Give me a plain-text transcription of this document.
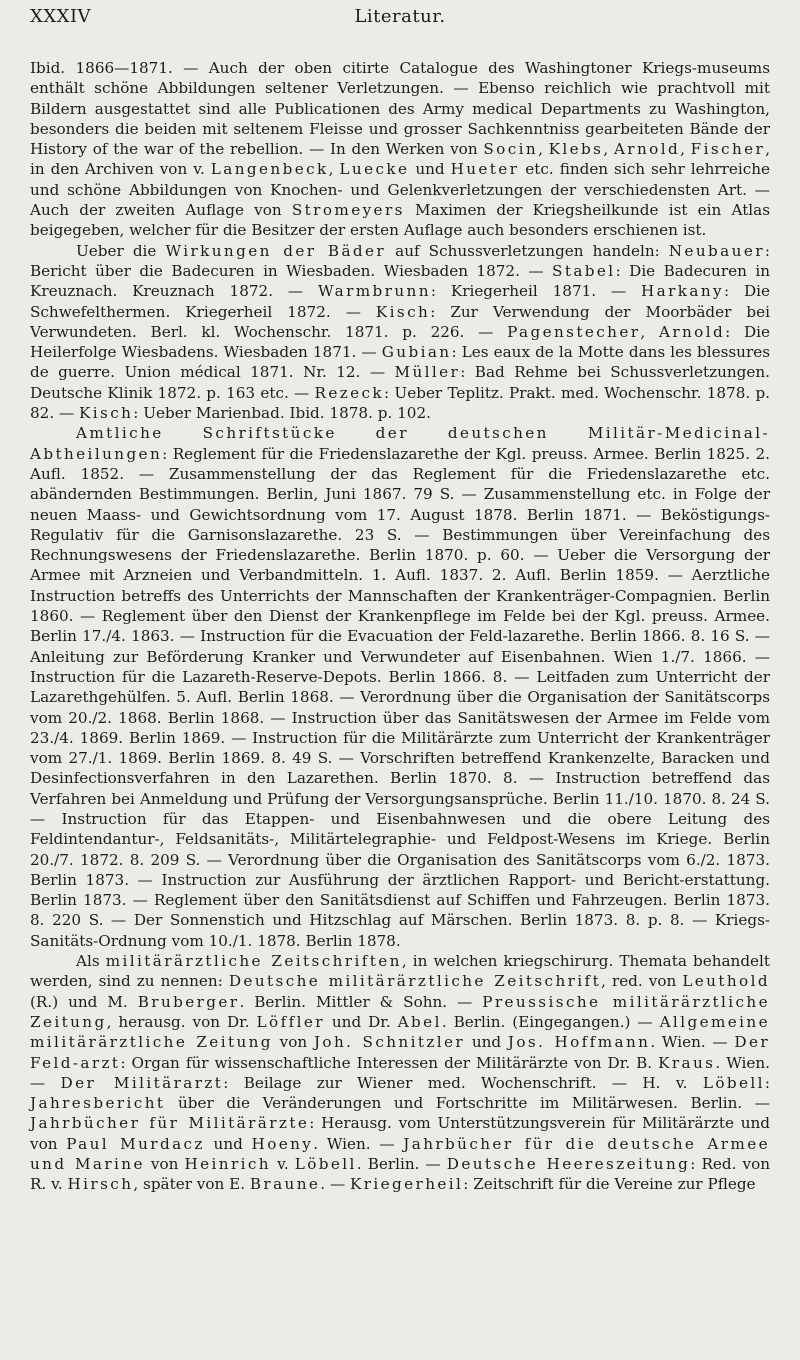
XXXIV	Literatur.

Ibid. 1866—1871. — Auch der oben citirte Catalogue des Washingtoner Kriegs-museums enthält schöne Abbildungen seltener Verletzungen. — Ebenso reichlich wie prachtvoll mit Bildern ausgestattet sind alle Publicationen des Army medical Departments zu Washington, besonders die beiden mit seltenem Fleisse und grosser Sachkenntniss gearbeiteten Bände der History of the war of the rebellion. — In den Werken von Socin, Klebs, Arnold, Fischer, in den Archiven von v. Langenbeck, Luecke und Hueter etc. finden sich sehr lehrreiche und schöne Abbildungen von Knochen- und Gelenkverletzungen der verschiedensten Art. — Auch der zweiten Auflage von Stromeyers Maximen der Kriegsheilkunde ist ein Atlas beigegeben, welcher für die Besitzer der ersten Auflage auch besonders erschienen ist.

Ueber die Wirkungen der Bäder auf Schussverletzungen handeln: Neubauer: Bericht über die Badecuren in Wiesbaden. Wiesbaden 1872. — Stabel: Die Badecuren in Kreuznach. Kreuznach 1872. — Warmbrunn: Kriegerheil 1871. — Harkany: Die Schwefelthermen. Kriegerheil 1872. — Kisch: Zur Verwendung der Moorbäder bei Verwundeten. Berl. kl. Wochenschr. 1871. p. 226. — Pagenstecher, Arnold: Die Heilerfolge Wiesbadens. Wiesbaden 1871. — Gubian: Les eaux de la Motte dans les blessures de guerre. Union médical 1871. Nr. 12. — Müller: Bad Rehme bei Schussverletzungen. Deutsche Klinik 1872. p. 163 etc. — Rezeck: Ueber Teplitz. Prakt. med. Wochenschr. 1878. p. 82. — Kisch: Ueber Marienbad. Ibid. 1878. p. 102.

Amtliche Schriftstücke der deutschen Militär-Medicinal-Abtheilungen: Reglement für die Friedenslazarethe der Kgl. preuss. Armee. Berlin 1825. 2. Aufl. 1852. — Zusammenstellung der das Reglement für die Friedenslazarethe etc. abändernden Bestimmungen. Berlin, Juni 1867. 79 S. — Zusammenstellung etc. in Folge der neuen Maass- und Gewichtsordnung vom 17. August 1878. Berlin 1871. — Beköstigungs-Regulativ für die Garnisonslazarethe. 23 S. — Bestimmungen über Vereinfachung des Rechnungswesens der Friedenslazarethe. Berlin 1870. p. 60. — Ueber die Versorgung der Armee mit Arzneien und Verbandmitteln. 1. Aufl. 1837. 2. Aufl. Berlin 1859. — Aerztliche Instruction betreffs des Unterrichts der Mannschaften der Krankenträger-Compagnien. Berlin 1860. — Reglement über den Dienst der Krankenpflege im Felde bei der Kgl. preuss. Armee. Berlin 17./4. 1863. — Instruction für die Evacuation der Feld-lazarethe. Berlin 1866. 8. 16 S. — Anleitung zur Beförderung Kranker und Verwundeter auf Eisenbahnen. Wien 1./7. 1866. — Instruction für die Lazareth-Reserve-Depots. Berlin 1866. 8. — Leitfaden zum Unterricht der Lazarethgehülfen. 5. Aufl. Berlin 1868. — Verordnung über die Organisation der Sanitätscorps vom 20./2. 1868. Berlin 1868. — Instruction über das Sanitätswesen der Armee im Felde vom 23./4. 1869. Berlin 1869. — Instruction für die Militärärzte zum Unterricht der Krankenträger vom 27./1. 1869. Berlin 1869. 8. 49 S. — Vorschriften betreffend Krankenzelte, Baracken und Desinfectionsverfahren in den Lazarethen. Berlin 1870. 8. — Instruction betreffend das Verfahren bei Anmeldung und Prüfung der Versorgungsansprüche. Berlin 11./10. 1870. 8. 24 S. — Instruction für das Etappen- und Eisenbahnwesen und die obere Leitung des Feldintendantur-, Feldsanitäts-, Militärtelegraphie- und Feldpost-Wesens im Kriege. Berlin 20./7. 1872. 8. 209 S. — Verordnung über die Organisation des Sanitätscorps vom 6./2. 1873. Berlin 1873. — Instruction zur Ausführung der ärztlichen Rapport- und Bericht-erstattung. Berlin 1873. — Reglement über den Sanitätsdienst auf Schiffen und Fahrzeugen. Berlin 1873. 8. 220 S. — Der Sonnenstich und Hitzschlag auf Märschen. Berlin 1873. 8. p. 8. — Kriegs-Sanitäts-Ordnung vom 10./1. 1878. Berlin 1878.

Als militärärztliche Zeitschriften, in welchen kriegschirurg. Themata behandelt werden, sind zu nennen: Deutsche militärärztliche Zeitschrift, red. von Leuthold (R.) und M. Bruberger. Berlin. Mittler & Sohn. — Preussische militärärztliche Zeitung, herausg. von Dr. Löffler und Dr. Abel. Berlin. (Eingegangen.) — Allgemeine militärärztliche Zeitung von Joh. Schnitzler und Jos. Hoffmann. Wien. — Der Feld-arzt: Organ für wissenschaftliche Interessen der Militärärzte von Dr. B. Kraus. Wien. — Der Militärarzt: Beilage zur Wiener med. Wochenschrift. — H. v. Löbell: Jahresbericht über die Veränderungen und Fortschritte im Militärwesen. Berlin. — Jahrbücher für Militärärzte: Herausg. vom Unterstützungsverein für Militärärzte und von Paul Murdacz und Hoeny. Wien. — Jahrbücher für die deutsche Armee und Marine von Heinrich v. Löbell. Berlin. — Deutsche Heereszeitung: Red. von R. v. Hirsch, später von E. Braune. — Kriegerheil: Zeitschrift für die Vereine zur Pflege
